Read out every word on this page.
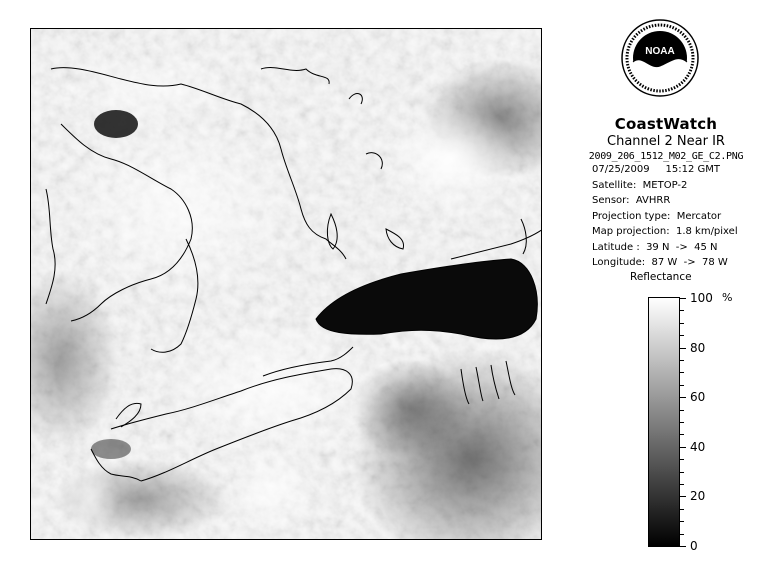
NOAA
CoastWatch
Channel 2 Near IR
2009_206_1512_M02_GE_C2.PNG
07/25/2009     15:12 GMT
Satellite:  METOP-2
Sensor:  AVHRR
Projection type:  Mercator
Map projection:  1.8 km/pixel
Latitude :  39 N  ->  45 N
Longitude:  87 W  ->  78 W
Reflectance
%
100
80
60
40
20
0
